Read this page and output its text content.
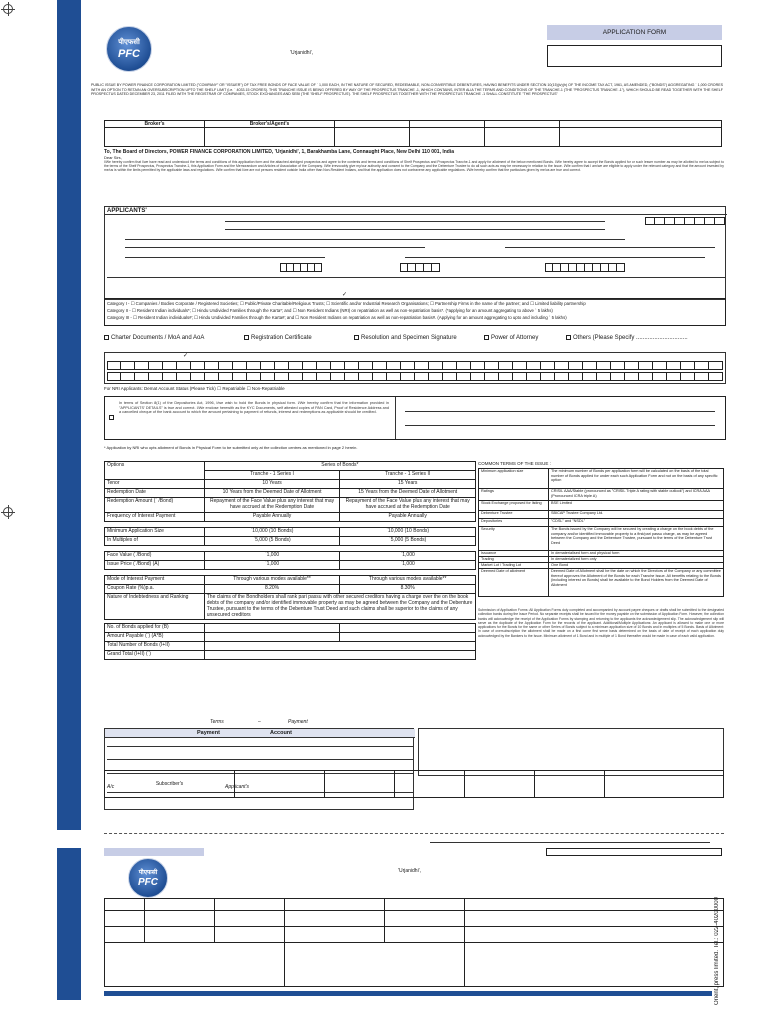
पीएफसी
PFC	'Urjanidhi',
APPLICATION FORM
PUBLIC ISSUE BY POWER FINANCE CORPORATION LIMITED ("COMPANY" OR "ISSUER") OF TAX FREE BONDS OF FACE VALUE OF ` 1,000 EACH, IN THE NATURE OF SECURED, REDEEMABLE, NON-CONVERTIBLE DEBENTURES, HAVING BENEFITS UNDER SECTION 10(15)(iv)(h) OF THE INCOME TAX ACT, 1961, AS AMENDED, ("BONDS") AGGREGATING ` 1,000 CRORES WITH AN OPTION TO RETAIN AN OVERSUBSCRIPTION UPTO THE SHELF LIMIT (i.e. ` 4033.15 CRORES). THIS TRANCHE ISSUE IS BEING OFFERED BY WAY OF THE PROSPECTUS TRANCHE -1, WHICH CONTAINS, INTER ALIA THE TERMS AND CONDITIONS OF THE TRANCHE-1 (THE "PROSPECTUS TRANCHE -1"), WHICH SHOULD BE READ TOGETHER WITH THE SHELF PROSPECTUS DATED DECEMBER 23, 2011 FILED WITH THE REGISTRAR OF COMPANIES, STOCK EXCHANGES AND SEBI (THE 'SHELF PROSPECTUS'). THE SHELF PROSPECTUS TOGETHER WITH THE PROSPECTUS TRANCHE -1 SHALL CONSTITUTE "THE PROSPECTUS"
Broker's	Broker's/Agent's				

To, The Board of Directors, POWER FINANCE CORPORATION LIMITED, 'Urjanidhi', 1, Barakhamba Lane, Connaught Place, New Delhi 110 001, India
Dear Sirs,
I/We hereby confirm that I/we have read and understood the terms and conditions of this application form and the attached abridged prospectus and agree to the contents and terms and conditions of Shelf Prospectus and Prospectus Tranche-1 and apply for allotment of the below mentioned Bonds. I/We hereby agree to accept the Bonds applied for or such lesser number as may be allotted to me/us subject to the terms of the Shelf Prospectus, Prospectus Tranche-1, this Application Form and the Memorandum and Articles of Association of the Company. I/We irrevocably give my/our authority and consent to the Company and the Debenture Trustee to do all such acts as may be necessary in relation to the Issue. I/We confirm that I am/we are eligible to apply under the relevant category and that the amount invested by me/us is within the limits permitted by the applicable laws and regulations. I/We confirm that I/we are not persons resident outside India other than Non-Resident Indians, and that the application does not contravene any applicable regulations. I/We hereby confirm that the particulars given by me/us are true and correct.
APPLICANTS'
✓
Category I - ☐ Companies / Bodies Corporate / Registered Societies; ☐ Public/Private Charitable/Religious Trusts; ☐ Scientific and/or Industrial Research Organisations; ☐ Partnership Firms in the name of the partner; and ☐ Limited liability partnership
Category II - ☐ Resident Indian individuals*; ☐ Hindu Undivided Families through the Karta*; and ☐ Non Resident Indians (NRI) on repatriation as well as non-repatriation basis*. (*applying for an amount aggregating to above ` 5 lakhs)
Category III - ☐ Resident Indian individuals#; ☐ Hindu Undivided Families through the Karta#; and ☐ Non Resident Indians on repatriation as well as non-repatriation basis#. (Applying for an amount aggregating to upto and including ` 5 lakhs)
Charter Documents / MoA and AoA	Registration Certificate	Resolution and Specimen Signature	Power of Attorney	Others (Please Specify ...............................
✓
For NRI Applicants: Demat Account Status (Please Tick) ☐ Repatriable ☐ Non-Repatriable
In terms of Section 8(1) of the Depositories Act, 1996, I/we wish to hold the Bonds in physical form. I/We hereby confirm that the information provided in "APPLICANTS' DETAILS" is true and correct. I/We enclose herewith as the KYC Documents, self attested copies of PAN Card, Proof of Residence Address and a cancelled cheque of the bank account to which the amount pertaining to payment of refunds, interest and redemptions as applicable should be credited.
* Application by NRI who opts allotment of Bonds in Physical Form to be submitted only at the collection centres as mentioned in page 2 herein.
Options	Series of Bonds*	
	Tranche - 1 Series I	Tranche - 1 Series II
Tenor	10 Years	15 Years
Redemption Date	10 Years from the Deemed Date of Allotment	15 Years from the Deemed Date of Allotment
Redemption Amount (` /Bond)	Repayment of the Face Value plus any interest that may have accrued at the Redemption Date	Repayment of the Face Value plus any interest that may have accrued at the Redemption Date
Frequency of Interest Payment	Payable Annually	Payable Annually

Minimum Application Size	`10,000 (10 Bonds)	`10,000 (10 Bonds)
In Multiples of	`5,000 (5 Bonds)	`5,000 (5 Bonds)

Face Value (`/Bond)	`1,000	`1,000
Issue Price (`/Bond) (A)	`1,000	`1,000

Mode of Interest Payment	Through various modes available**	Through various modes available**
Coupon Rate (%)p.a.	8.20%	8.30%
Nature of Indebtedness and Ranking	The claims of the Bondholders shall rank pari passu with other secured creditors having a charge over the on the book debts of the company and/or identified immovable property as may be agreed between the Company and the Debenture Trustee, pursuant to the terms of the Debenture Trust Deed and such claims shall be superior to the claims of any unsecured creditors	

No. of Bonds applied for (B)		
Amount Payable (`) (A*B)		
Total Number of Bonds (I+II)		
Grand Total (I+II) (`)		
COMMON TERMS OF THE ISSUE :
Minimum application size	The minimum number of Bonds per application form will be calculated on the basis of the total number of Bonds applied for under each such Application Form and not on the basis of any specific option
Ratings	CRISIL AAA/Stable (pronounced as "CRISIL Triple A rating with stable outlook") and ICRA AAA (Pronounced ICRA triple A)
Stock Exchange proposed for listing	BSE Limited
Debenture Trustee	SBICAP Trustee Company Ltd.
Depositories	"CDSL" and "NSDL"
Security	The Bonds issued by the Company will be secured by creating a charge on the book debts of the company and/or identified immovable property to a first/pari passu charge, as may be agreed between the Company and the Debenture Trustee, pursuant to the terms of the Debenture Trust Deed
Issuance	In dematerialised form and physical form
Trading	In dematerialized form only
Market Lot / Trading Lot	One Bond
Deemed Date of allotment	Deemed Date of Allotment shall be the date on which the Directors of the Company or any committee thereof approves the Allotment of the Bonds for each Tranche Issue. All benefits relating to the Bonds (including interest on Bonds) shall be available to the Bond Holders from the Deemed Date of Allotment
Submission of Application Forms: All Application Forms duly completed and accompanied by account payee cheques or drafts shall be submitted to the designated collection banks during the Issue Period. No separate receipts shall be issued for the money payable on the submission of Application Form. However, the collection banks will acknowledge the receipt of the Application Forms by stamping and returning to the applicants the acknowledgement slip. The acknowledgement slip will serve as the duplicate of the Application Form for the records of the applicant. Additional/Multiple Applications: An applicant is allowed to make one or more applications for the Bonds for the same or other Series of Bonds subject to a minimum application size of 10 Bonds and in multiples of 5 Bonds. Basis of Allotment: In case of oversubscription the allotment shall be made on a first come first serve basis determined on the basis of date of receipt of each application duly acknowledged by the Bankers to the Issue. Minimum allotment of 1 Bond and in multiple of 1 Bond thereafter would be made in case of each valid application.
Terms	–	Payment
Payment	Account
A/c	Applicant's
Subscriber's						
पीएफसी
PFC
'Urjanidhi',

Orient, press limited. Tel.: 022-40200000
